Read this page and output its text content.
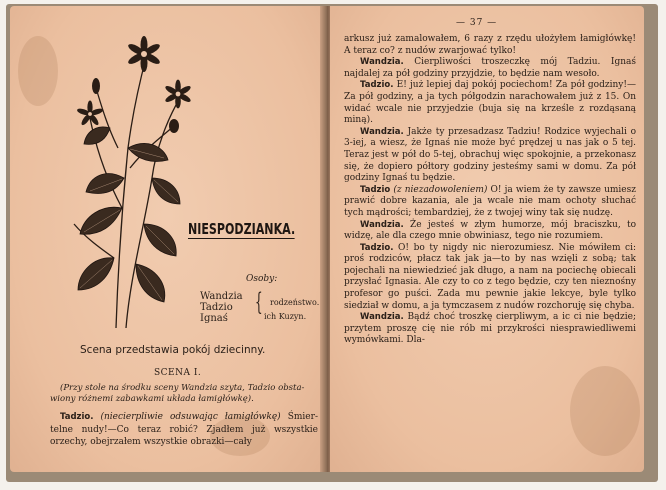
NIESPODZIANKA.
Osoby:
Wandzia
Tadzio
Ignaś
{ rodzeństwo.
ich Kuzyn.
Scena przedstawia pokój dziecinny.
SCENA I.
(Przy stole na środku sceny Wandzia szyta, Tadzio obstawiony różnemi zabawkami układa łamigłówkę).
Tadzio. (niecierpliwie odsuwając łamigłówkę) Śmiertelne nudy!—Co teraz robić? Zjadłem już wszystkie orzechy, obejrzałem wszystkie obrazki—cały
— 37 —

arkusz już zamalowałem, 6 razy z rzędu ułożyłem łamigłówkę! A teraz co? z nudów zwarjować tylko!

Wandzia. Cierpliwości troszeczkę mój Tadziu. Ignaś najdalej za pół godziny przyjdzie, to będzie nam wesoło.

Tadzio. E! już lepiej daj pokój pociechom! Za pół godziny!—Za pół godziny, a ja tych półgodzin narachowałem już z 15. On widać wcale nie przyjedzie (buja się na krześle z rozdąsaną miną).

Wandzia. Jakże ty przesadzasz Tadziu! Rodzice wyjechali o 3-iej, a wiesz, że Ignaś nie może być prędzej u nas jak o 5 tej. Teraz jest w pół do 5-tej, obrachuj więc spokojnie, a przekonasz się, że dopiero półtory godziny jesteśmy sami w domu. Za pół godziny Ignaś tu będzie.

Tadzio (z niezadowoleniem) O! ja wiem że ty zawsze umiesz prawić dobre kazania, ale ja wcale nie mam ochoty słuchać tych mądrości; tembardziej, że z twojej winy tak się nudzę.

Wandzia. Że jesteś w złym humorze, mój braciszku, to widzę, ale dla czego mnie obwiniasz, tego nie rozumiem.

Tadzio. O! bo ty nigdy nic nierozumiesz. Nie mówiłem ci: proś rodziców, płacz tak jak ja—to by nas wzięli z sobą; tak pojechali na niewiedzieć jak długo, a nam na pociechę obiecali przysłać Ignasia. Ale czy to co z tego będzie, czy ten nieznośny profesor go puści. Zada mu pewnie jakie lekcye, byle tylko siedział w domu, a ja tymczasem z nudów rozchoruję się chyba.

Wandzia. Bądź choć troszkę cierpliwym, a ic ci nie będzie; przytem proszę cię nie rób mi przykrości niesprawiedliwemi wymówkami. Dla-
